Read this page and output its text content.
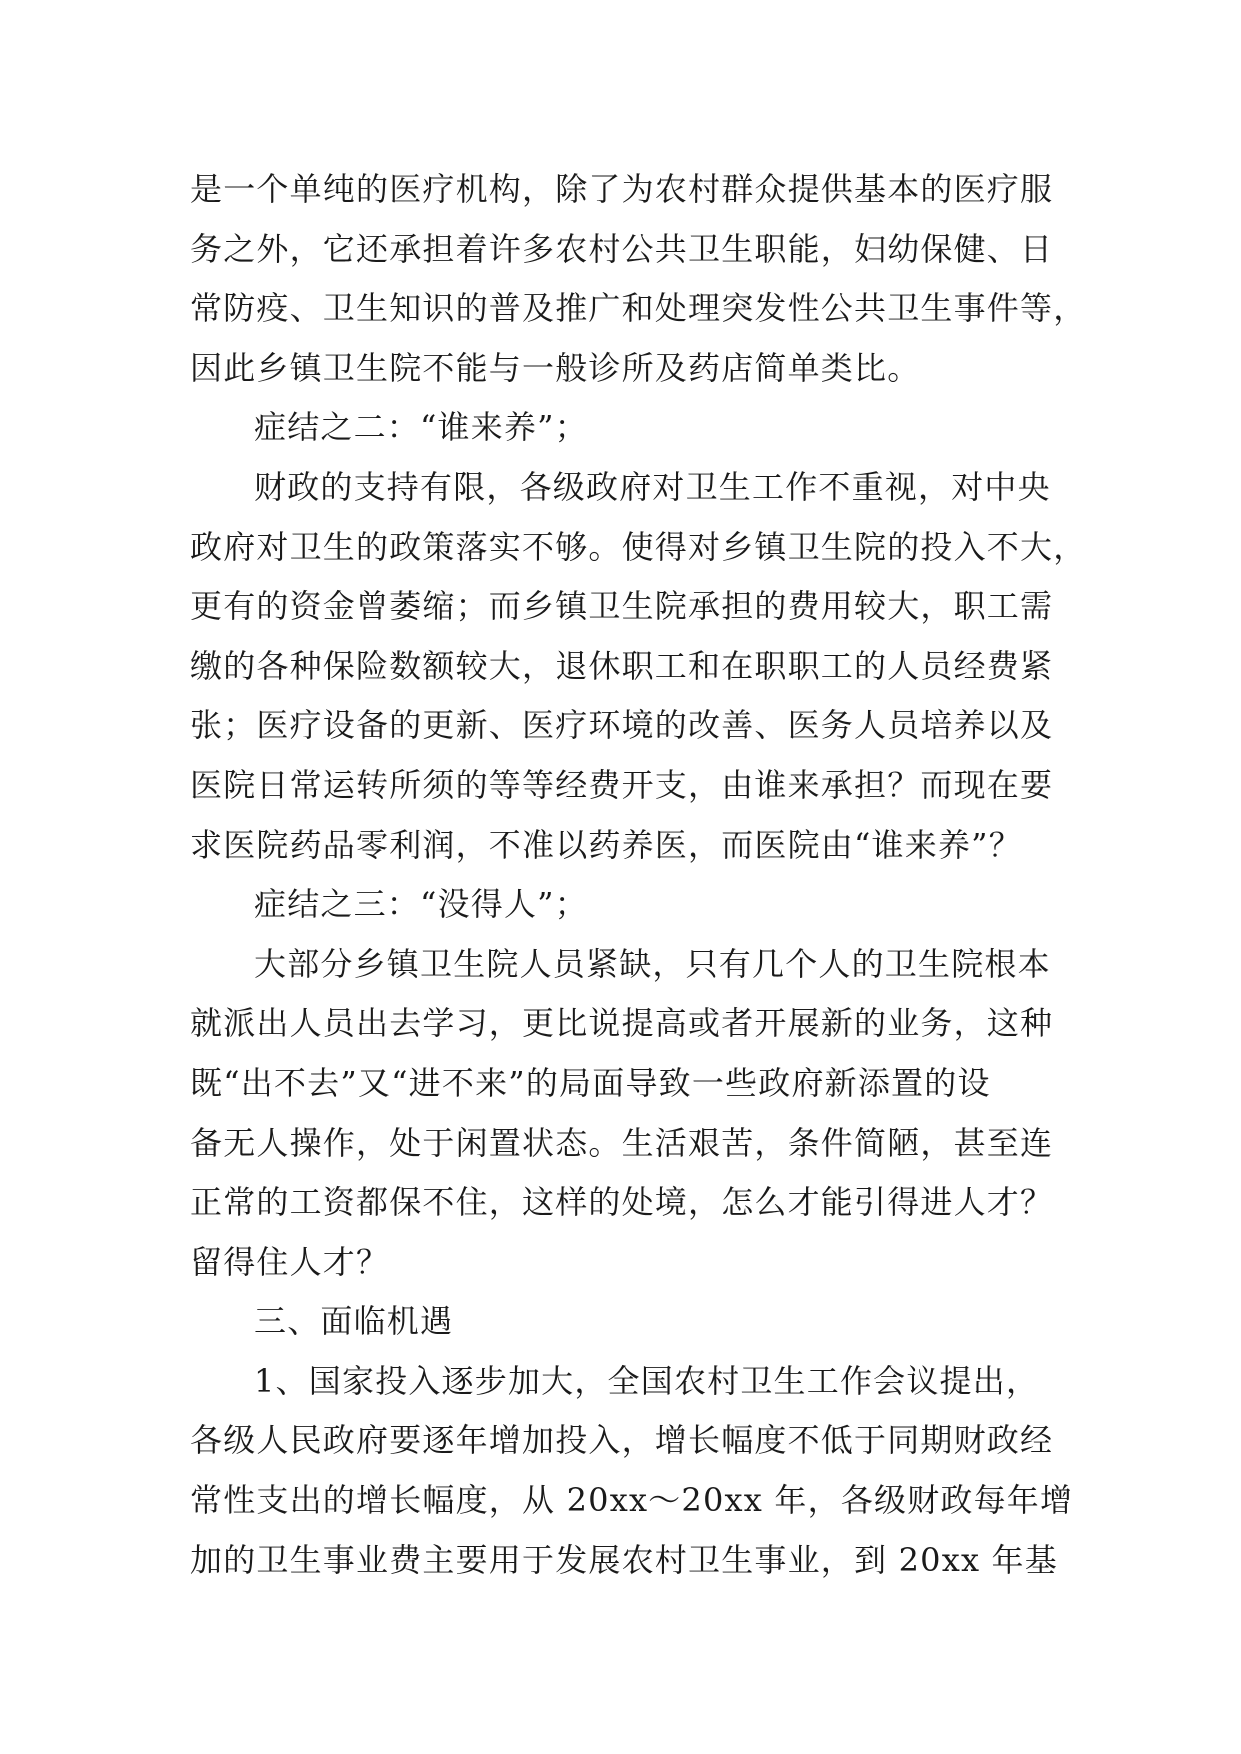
是一个单纯的医疗机构，除了为农村群众提供基本的医疗服
务之外，它还承担着许多农村公共卫生职能，妇幼保健、日
常防疫、卫生知识的普及推广和处理突发性公共卫生事件等，
因此乡镇卫生院不能与一般诊所及药店简单类比。
症结之二：“谁来养”；
财政的支持有限，各级政府对卫生工作不重视，对中央
政府对卫生的政策落实不够。使得对乡镇卫生院的投入不大，
更有的资金曾萎缩；而乡镇卫生院承担的费用较大，职工需
缴的各种保险数额较大，退休职工和在职职工的人员经费紧
张；医疗设备的更新、医疗环境的改善、医务人员培养以及
医院日常运转所须的等等经费开支，由谁来承担？而现在要
求医院药品零利润，不准以药养医，而医院由“谁来养”？
症结之三：“没得人”；
大部分乡镇卫生院人员紧缺，只有几个人的卫生院根本
就派出人员出去学习，更比说提高或者开展新的业务，这种
既“出不去”又“进不来”的局面导致一些政府新添置的设
备无人操作，处于闲置状态。生活艰苦，条件简陋，甚至连
正常的工资都保不住，这样的处境，怎么才能引得进人才？
留得住人才？
三、面临机遇
1、国家投入逐步加大，全国农村卫生工作会议提出，
各级人民政府要逐年增加投入，增长幅度不低于同期财政经
常性支出的增长幅度，从 20xx～20xx 年，各级财政每年增
加的卫生事业费主要用于发展农村卫生事业，到 20xx 年基
